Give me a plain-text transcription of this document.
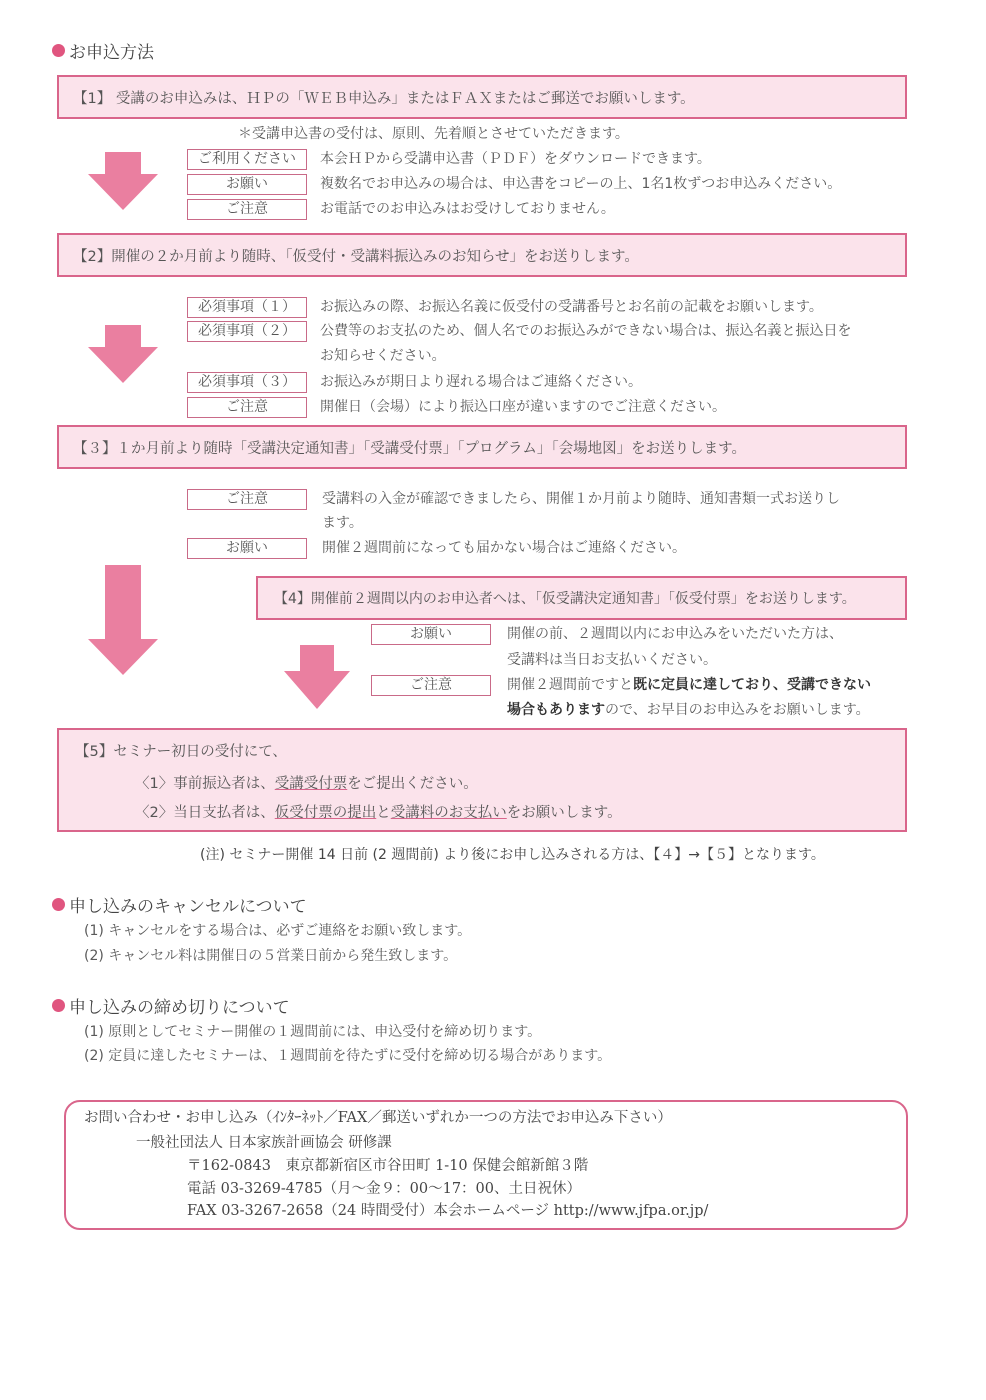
お申込方法
【1】 受講のお申込みは、ＨＰの「ＷＥＢ申込み」またはＦＡＸまたはご郵送でお願いします。
＊受講申込書の受付は、原則、先着順とさせていただきます。
ご利用ください	本会ＨＰから受講申込書（ＰＤＦ）をダウンロードできます。
お願い	複数名でお申込みの場合は、申込書をコピーの上、1名1枚ずつお申込みください。
ご注意	お電話でのお申込みはお受けしておりません。
【2】開催の２か月前より随時、「仮受付・受講料振込みのお知らせ」をお送りします。
必須事項（１）	お振込みの際、お振込名義に仮受付の受講番号とお名前の記載をお願いします。
必須事項（２）	公費等のお支払のため、個人名でのお振込みができない場合は、振込名義と振込日を
お知らせください。
必須事項（３）	お振込みが期日より遅れる場合はご連絡ください。
ご注意	開催日（会場）により振込口座が違いますのでご注意ください。
【３】１か月前より随時「受講決定通知書」「受講受付票」「プログラム」「会場地図」をお送りします。
ご注意	受講料の入金が確認できましたら、開催１か月前より随時、通知書類一式お送りし
ます。
お願い	開催２週間前になっても届かない場合はご連絡ください。
【4】開催前２週間以内のお申込者へは、「仮受講決定通知書」「仮受付票」をお送りします。
お願い	開催の前、２週間以内にお申込みをいただいた方は、
受講料は当日お支払いください。
ご注意	開催２週間前ですと既に定員に達しており、受講できない
場合もありますので、お早目のお申込みをお願いします。
【5】セミナー初日の受付にて、
〈1〉事前振込者は、受講受付票をご提出ください。
〈2〉当日支払者は、仮受付票の提出と受講料のお支払いをお願いします。
(注) セミナー開催 14 日前 (2 週間前) より後にお申し込みされる方は、【４】→【５】となります。
申し込みのキャンセルについて
(1) キャンセルをする場合は、必ずご連絡をお願い致します。
(2) キャンセル料は開催日の５営業日前から発生致します。
申し込みの締め切りについて
(1) 原則としてセミナー開催の１週間前には、申込受付を締め切ります。
(2) 定員に達したセミナーは、１週間前を待たずに受付を締め切る場合があります。
お問い合わせ・お申し込み（ｲﾝﾀｰﾈｯﾄ／FAX／郵送いずれか一つの方法でお申込み下さい）
一般社団法人 日本家族計画協会 研修課
〒162-0843　東京都新宿区市谷田町 1-10 保健会館新館３階
電話 03-3269-4785（月〜金９：00〜17：00、土日祝休）
FAX 03-3267-2658（24 時間受付）本会ホームページ http://www.jfpa.or.jp/
